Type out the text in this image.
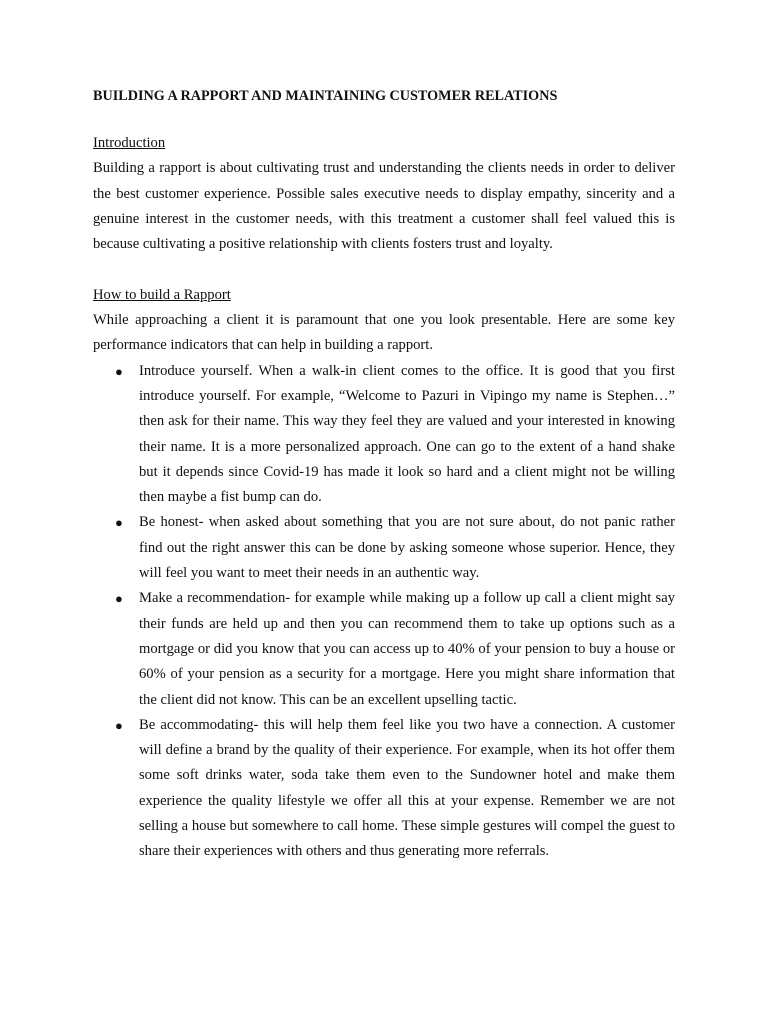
BUILDING A RAPPORT AND MAINTAINING CUSTOMER RELATIONS

Introduction

Building a rapport is about cultivating trust and understanding the clients needs in order to deliver the best customer experience. Possible sales executive needs to display empathy, sincerity and a genuine interest in the customer needs, with this treatment a customer shall feel valued this is because cultivating a positive relationship with clients fosters trust and loyalty.

How to build a Rapport

While approaching a client it is paramount that one you look presentable. Here are some key performance indicators that can help in building a rapport.

● Introduce yourself. When a walk-in client comes to the office. It is good that you first introduce yourself. For example, “Welcome to Pazuri in Vipingo my name is Stephen…” then ask for their name. This way they feel they are valued and your interested in knowing their name. It is a more personalized approach. One can go to the extent of a hand shake but it depends since Covid-19 has made it look so hard and a client might not be willing then maybe a fist bump can do.
● Be honest- when asked about something that you are not sure about, do not panic rather find out the right answer this can be done by asking someone whose superior. Hence, they will feel you want to meet their needs in an authentic way.
● Make a recommendation- for example while making up a follow up call a client might say their funds are held up and then you can recommend them to take up options such as a mortgage or did you know that you can access up to 40% of your pension to buy a house or 60% of your pension as a security for a mortgage. Here you might share information that the client did not know. This can be an excellent upselling tactic.
● Be accommodating- this will help them feel like you two have a connection. A customer will define a brand by the quality of their experience. For example, when its hot offer them some soft drinks water, soda take them even to the Sundowner hotel and make them experience the quality lifestyle we offer all this at your expense. Remember we are not selling a house but somewhere to call home. These simple gestures will compel the guest to share their experiences with others and thus generating more referrals.
